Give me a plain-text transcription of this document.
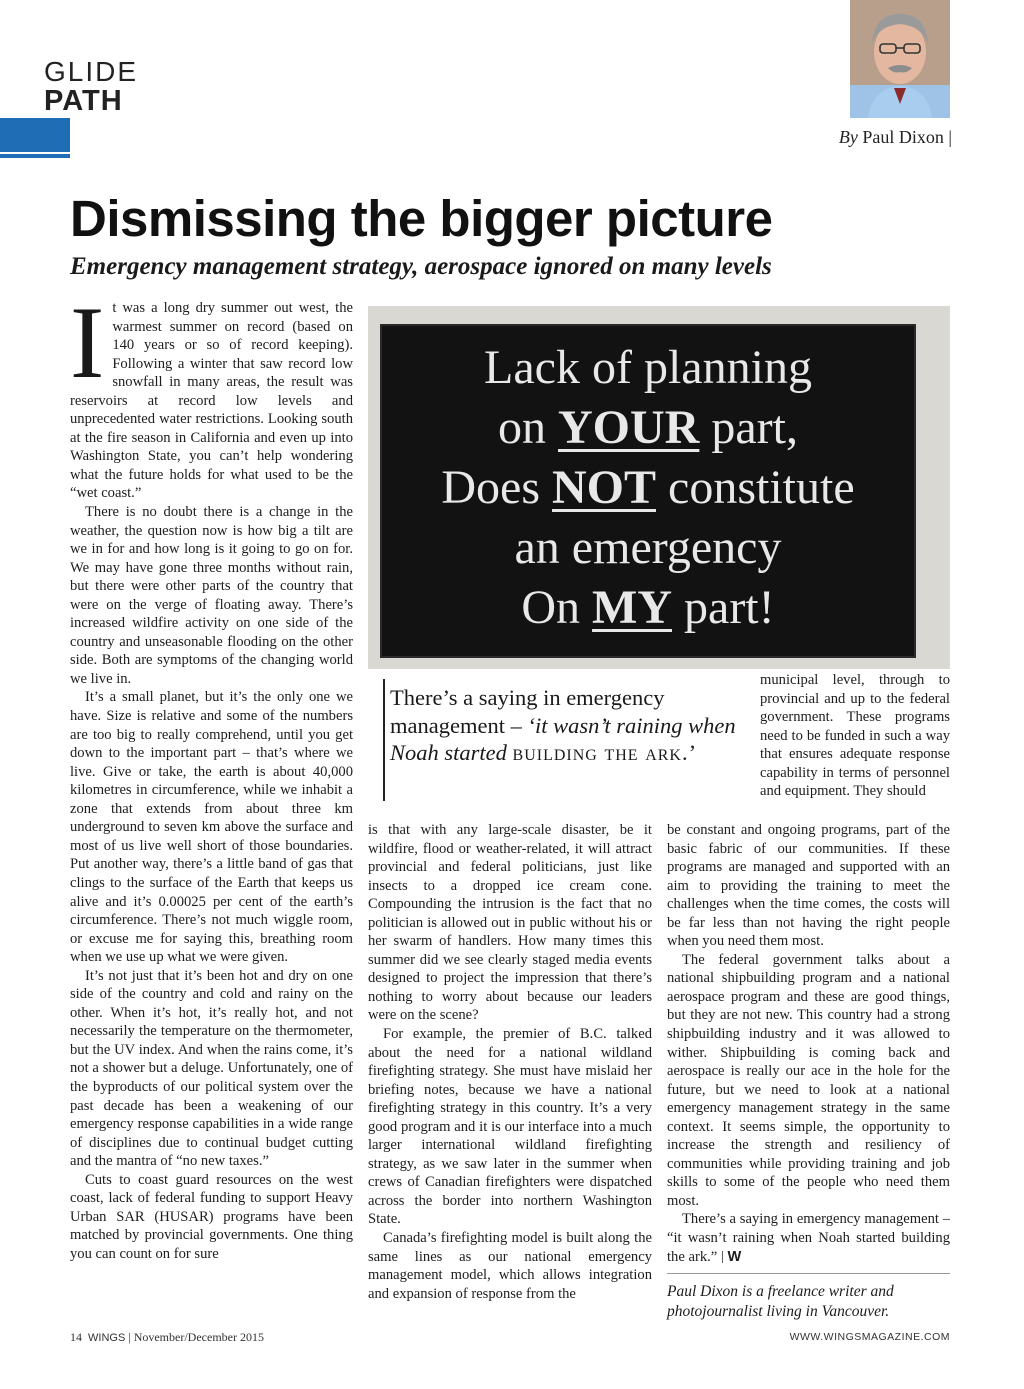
GLIDE
PATH
By Paul Dixon |
Dismissing the bigger picture
Emergency management strategy, aerospace ignored on many levels
I t was a long dry summer out west, the warmest summer on record (based on 140 years or so of record keeping). Following a winter that saw record low snowfall in many areas, the result was reservoirs at record low levels and unprecedented water restrictions. Looking south at the fire season in California and even up into Washington State, you can’t help wondering what the future holds for what used to be the “wet coast.”

There is no doubt there is a change in the weather, the question now is how big a tilt are we in for and how long is it going to go on for. We may have gone three months without rain, but there were other parts of the country that were on the verge of floating away. There’s increased wildfire activity on one side of the country and unseasonable flooding on the other side. Both are symptoms of the changing world we live in.

It’s a small planet, but it’s the only one we have. Size is relative and some of the numbers are too big to really comprehend, until you get down to the important part – that’s where we live. Give or take, the earth is about 40,000 kilometres in circumference, while we inhabit a zone that extends from about three km underground to seven km above the surface and most of us live well short of those boundaries. Put another way, there’s a little band of gas that clings to the surface of the Earth that keeps us alive and it’s 0.00025 per cent of the earth’s circumference. There’s not much wiggle room, or excuse me for saying this, breathing room when we use up what we were given.

It’s not just that it’s been hot and dry on one side of the country and cold and rainy on the other. When it’s hot, it’s really hot, and not necessarily the temperature on the thermometer, but the UV index. And when the rains come, it’s not a shower but a deluge. Unfortunately, one of the byproducts of our political system over the past decade has been a weakening of our emergency response capabilities in a wide range of disciplines due to continual budget cutting and the mantra of “no new taxes.”

Cuts to coast guard resources on the west coast, lack of federal funding to support Heavy Urban SAR (HUSAR) programs have been matched by provincial governments. One thing you can count on for sure

Lack of planning
on YOUR part,
Does NOT constitute
an emergency
On MY part!
There’s a saying in emergency management – ‘it wasn’t raining when Noah started building the ark.’

is that with any large-scale disaster, be it wildfire, flood or weather-related, it will attract provincial and federal politicians, just like insects to a dropped ice cream cone. Compounding the intrusion is the fact that no politician is allowed out in public without his or her swarm of handlers. How many times this summer did we see clearly staged media events designed to project the impression that there’s nothing to worry about because our leaders were on the scene?

For example, the premier of B.C. talked about the need for a national wildland firefighting strategy. She must have mislaid her briefing notes, because we have a national firefighting strategy in this country. It’s a very good program and it is our interface into a much larger international wildland firefighting strategy, as we saw later in the summer when crews of Canadian firefighters were dispatched across the border into northern Washington State.

Canada’s firefighting model is built along the same lines as our national emergency management model, which allows integration and expansion of response from the

municipal level, through to provincial and up to the federal government. These programs need to be funded in such a way that ensures adequate response capability in terms of personnel and equipment. They should

be constant and ongoing programs, part of the basic fabric of our communities. If these programs are managed and supported with an aim to providing the training to meet the challenges when the time comes, the costs will be far less than not having the right people when you need them most.

The federal government talks about a national shipbuilding program and a national aerospace program and these are good things, but they are not new. This country had a strong shipbuilding industry and it was allowed to wither. Shipbuilding is coming back and aerospace is really our ace in the hole for the future, but we need to look at a national emergency management strategy in the same context. It seems simple, the opportunity to increase the strength and resiliency of communities while providing training and job skills to some of the people who need them most.

There’s a saying in emergency management – “it wasn’t raining when Noah started building the ark.” | W

Paul Dixon is a freelance writer and photojournalist living in Vancouver.
14 WINGS | November/December 2015	WWW.WINGSMAGAZINE.COM
